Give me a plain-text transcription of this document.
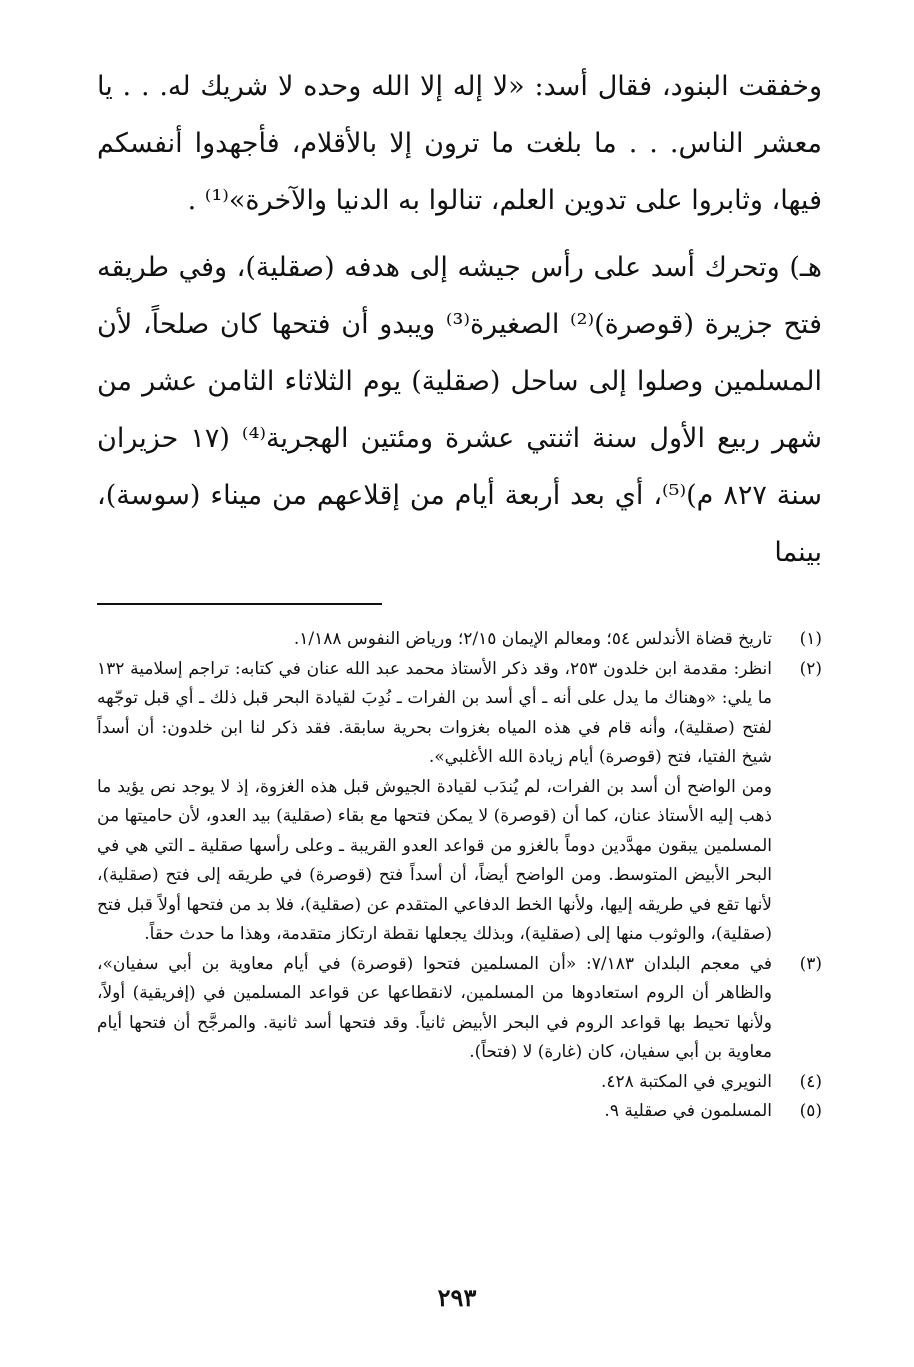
وخفقت البنود، فقال أسد: «لا إله إلا الله وحده لا شريك له. . . يا معشر الناس. . . ما بلغت ما ترون إلا بالأقلام، فأجهدوا أنفسكم فيها، وثابروا على تدوين العلم، تنالوا به الدنيا والآخرة»⁽¹⁾ .

هـ) وتحرك أسد على رأس جيشه إلى هدفه (صقلية)، وفي طريقه فتح جزيرة (قوصرة)⁽²⁾ الصغيرة⁽³⁾ ويبدو أن فتحها كان صلحاً، لأن المسلمين وصلوا إلى ساحل (صقلية) يوم الثلاثاء الثامن عشر من شهر ربيع الأول سنة اثنتي عشرة ومئتين الهجرية⁽⁴⁾ (١٧ حزيران سنة ٨٢٧ م)⁽⁵⁾، أي بعد أربعة أيام من إقلاعهم من ميناء (سوسة)، بينما

(١)

تاريخ قضاة الأندلس ٥٤؛ ومعالم الإيمان ٢/١٥؛ ورياض النفوس ١/١٨٨.

(٢)

انظر: مقدمة ابن خلدون ٢٥٣، وقد ذكر الأستاذ محمد عبد الله عنان في كتابه: تراجم إسلامية ١٣٢ ما يلي: «وهناك ما يدل على أنه ـ أي أسد بن الفرات ـ نُدِبَ لقيادة البحر قبل ذلك ـ أي قبل توجّهه لفتح (صقلية)، وأنه قام في هذه المياه بغزوات بحرية سابقة. فقد ذكر لنا ابن خلدون: أن أسداً شيخ الفتيا، فتح (قوصرة) أيام زيادة الله الأغلبي».

ومن الواضح أن أسد بن الفرات، لم يُندَب لقيادة الجيوش قبل هذه الغزوة، إذ لا يوجد نص يؤيد ما ذهب إليه الأستاذ عنان، كما أن (قوصرة) لا يمكن فتحها مع بقاء (صقلية) بيد العدو، لأن حاميتها من المسلمين يبقون مهدَّدين دوماً بالغزو من قواعد العدو القريبة ـ وعلى رأسها صقلية ـ التي هي في البحر الأبيض المتوسط. ومن الواضح أيضاً، أن أسداً فتح (قوصرة) في طريقه إلى فتح (صقلية)، لأنها تقع في طريقه إليها، ولأنها الخط الدفاعي المتقدم عن (صقلية)، فلا بد من فتحها أولاً قبل فتح (صقلية)، والوثوب منها إلى (صقلية)، وبذلك يجعلها نقطة ارتكاز متقدمة، وهذا ما حدث حقاً.

(٣)

في معجم البلدان ٧/١٨٣: «أن المسلمين فتحوا (قوصرة) في أيام معاوية بن أبي سفيان»، والظاهر أن الروم استعادوها من المسلمين، لانقطاعها عن قواعد المسلمين في (إفريقية) أولاً، ولأنها تحيط بها قواعد الروم في البحر الأبيض ثانياً. وقد فتحها أسد ثانية. والمرجَّح أن فتحها أيام معاوية بن أبي سفيان، كان (غارة) لا (فتحاً).

(٤)

النويري في المكتبة ٤٢٨.

(٥)

المسلمون في صقلية ٩.

٢٩٣
